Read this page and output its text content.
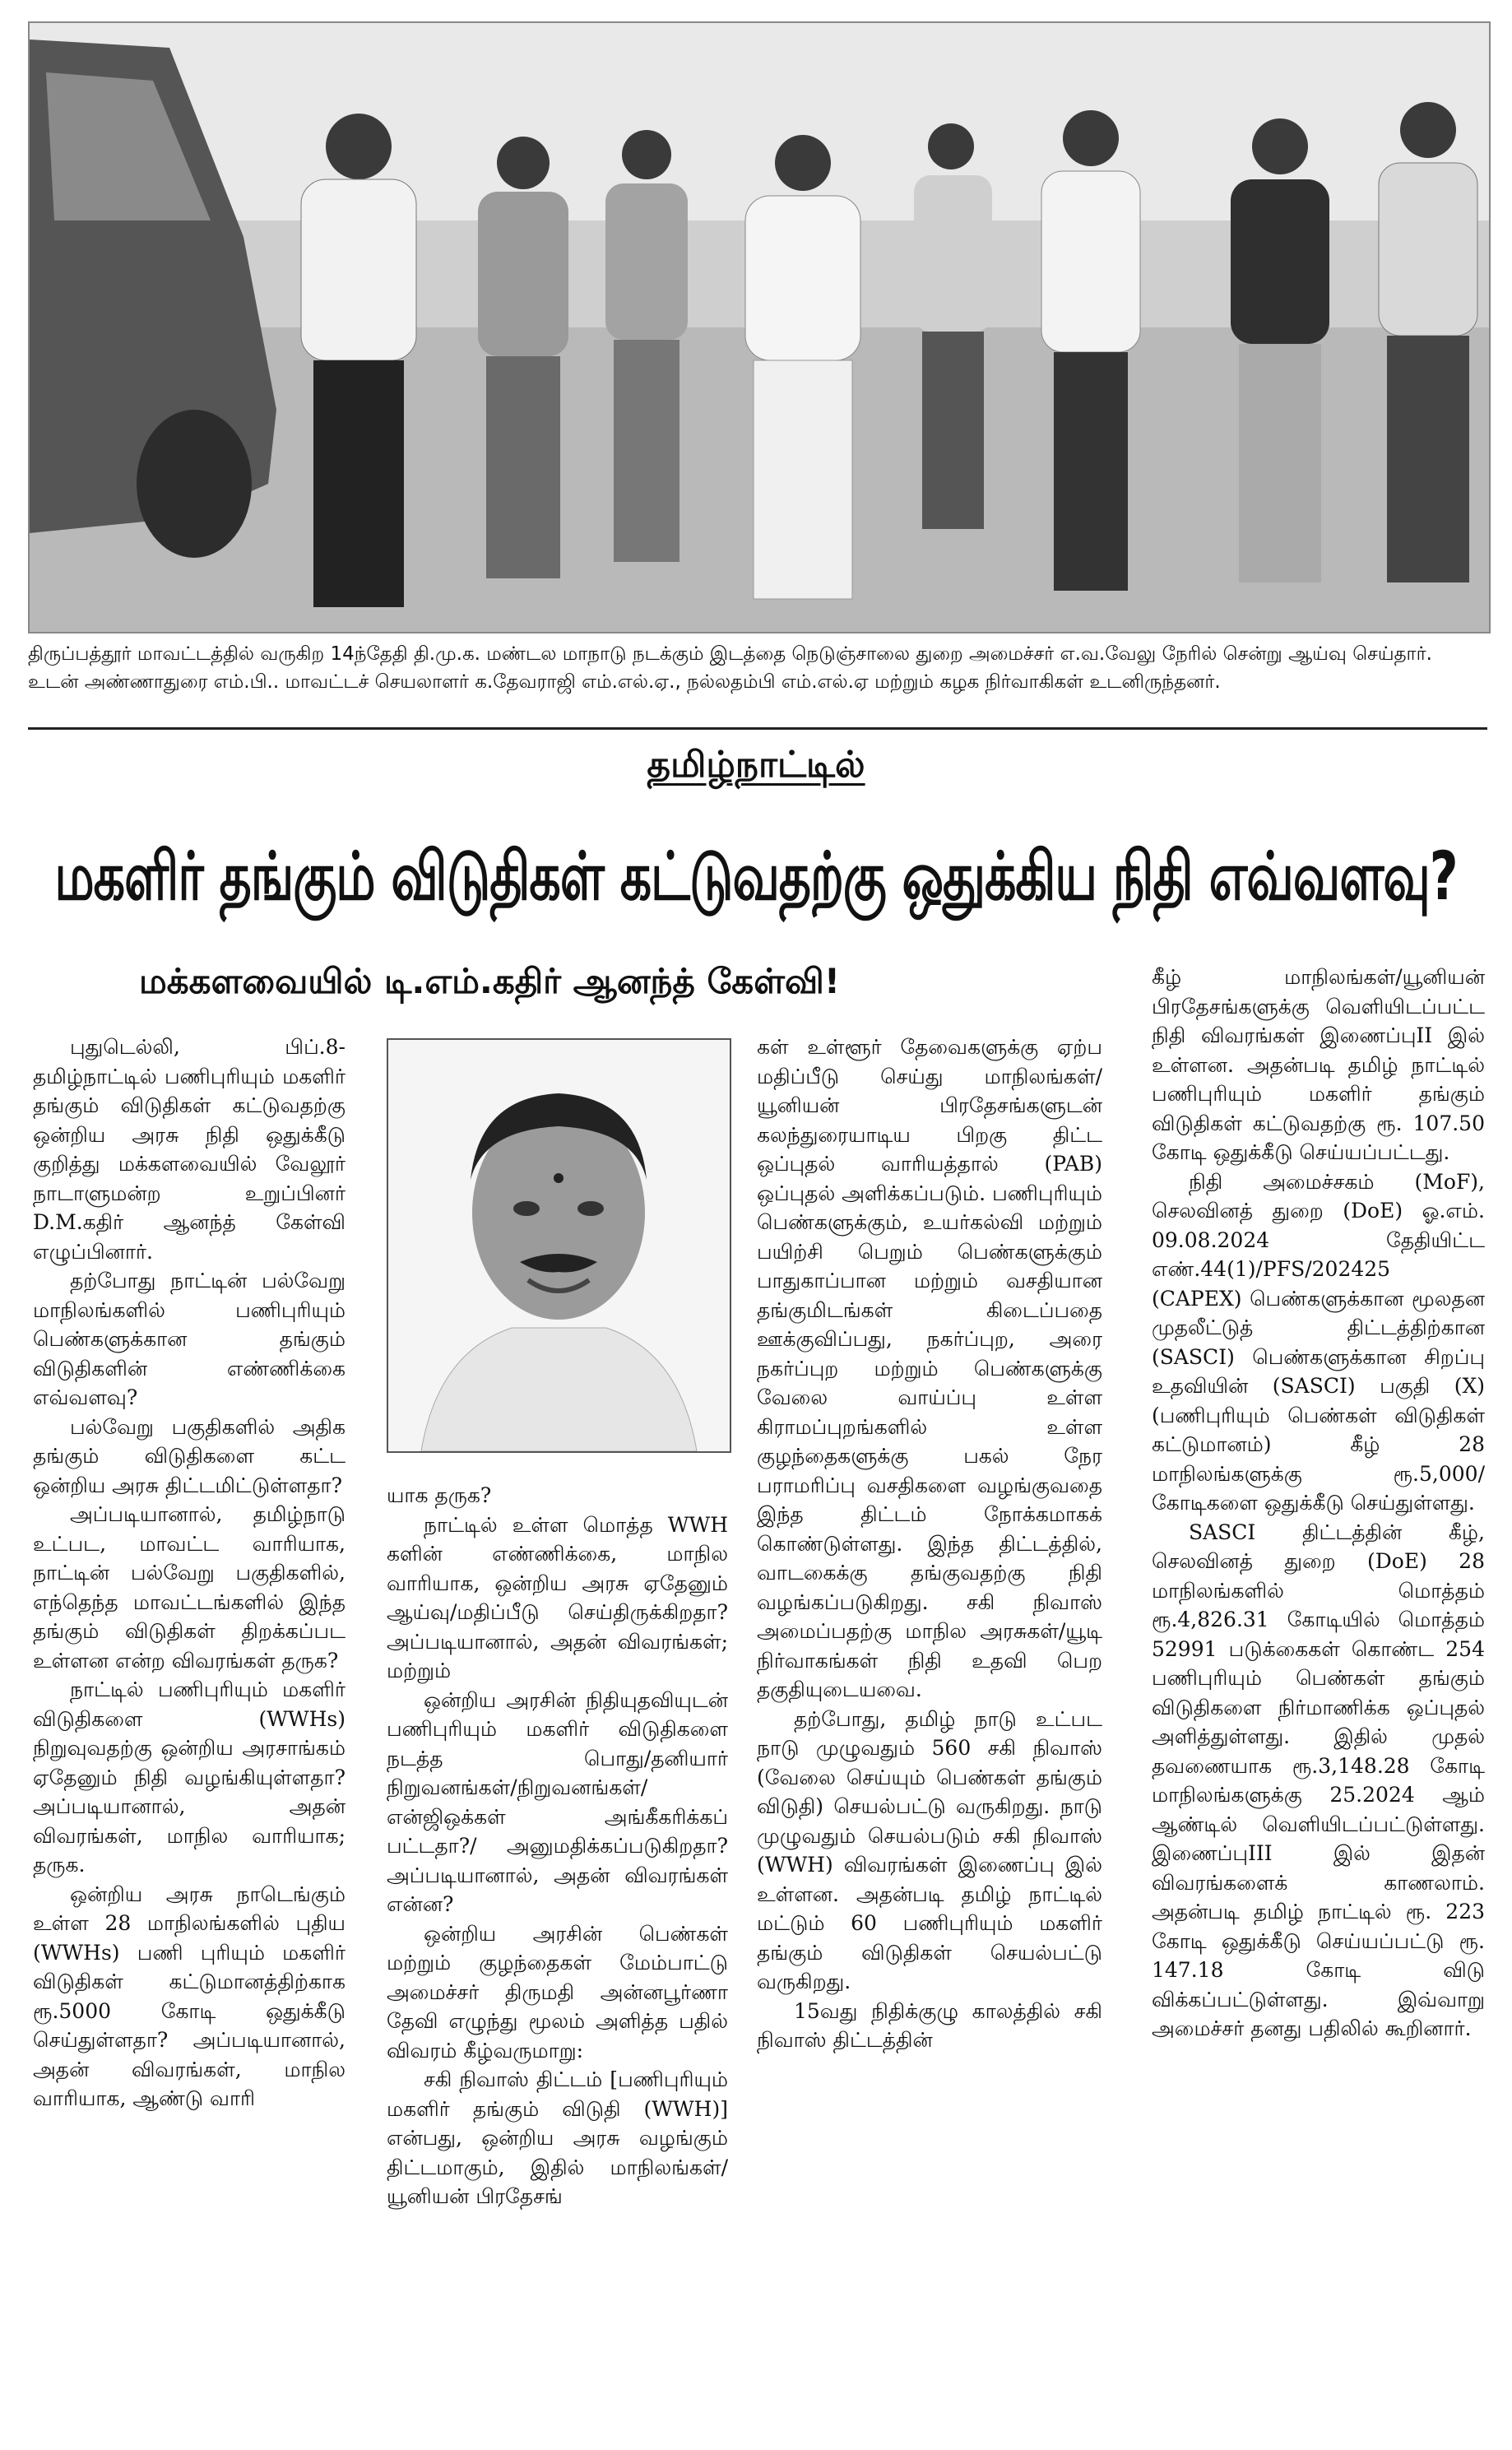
திருப்பத்தூர் மாவட்டத்தில் வருகிற 14ந்தேதி தி.மு.க. மண்டல மாநாடு நடக்கும் இடத்தை நெடுஞ்சாலை துறை அமைச்சர் எ.வ.வேலு நேரில் சென்று ஆய்வு செய்தார். உடன் அண்ணாதுரை எம்.பி.. மாவட்டச் செயலாளர் க.தேவராஜி எம்.எல்.ஏ., நல்லதம்பி எம்.எல்.ஏ மற்றும் கழக நிர்வாகிகள் உடனிருந்தனர்.

தமிழ்நாட்டில்
மகளிர் தங்கும் விடுதிகள் கட்டுவதற்கு ஒதுக்கிய நிதி எவ்வளவு?
மக்களவையில் டி.எம்.கதிர் ஆனந்த் கேள்வி!

புதுடெல்லி, பிப்.8- தமிழ்நாட்டில் பணிபுரியும் மகளிர் தங்கும் விடுதிகள் கட்டுவதற்கு ஒன்றிய அரசு நிதி ஒதுக்கீடு குறித்து மக்களவையில் வேலூர் நாடாளுமன்ற உறுப்பினர் D.M.கதிர் ஆனந்த் கேள்வி எழுப்பினார்.

தற்போது நாட்டின் பல்வேறு மாநிலங்களில் பணிபுரியும் பெண்களுக்கான தங்கும் விடுதிகளின் எண்ணிக்கை எவ்வளவு?

பல்வேறு பகுதிகளில் அதிக தங்கும் விடுதிகளை கட்ட ஒன்றிய அரசு திட்டமிட்டுள்ளதா?

அப்படியானால், தமிழ்நாடு உட்பட, மாவட்ட வாரியாக, நாட்டின் பல்வேறு பகுதிகளில், எந்தெந்த மாவட்டங்களில் இந்த தங்கும் விடுதிகள் திறக்கப்பட உள்ளன என்ற விவரங்கள் தருக?

நாட்டில் பணிபுரியும் மகளிர் விடுதிகளை (WWHs) நிறுவுவதற்கு ஒன்றிய அரசாங்கம் ஏதேனும் நிதி வழங்கியுள்ளதா? அப்படியானால், அதன் விவரங்கள், மாநில வாரியாக; தருக.

ஒன்றிய அரசு நாடெங்கும் உள்ள 28 மாநிலங்களில் புதிய (WWHs) பணி புரியும் மகளிர் விடுதிகள் கட்டுமானத்திற்காக ரூ.5000 கோடி ஒதுக்கீடு செய்துள்ளதா? அப்படியானால், அதன் விவரங்கள், மாநில வாரியாக, ஆண்டு வாரி

யாக தருக?

நாட்டில் உள்ள மொத்த WWH களின் எண்ணிக்கை, மாநில வாரியாக, ஒன்றிய அரசு ஏதேனும் ஆய்வு/மதிப்பீடு செய்திருக்கிறதா? அப்படியானால், அதன் விவரங்கள்; மற்றும்

ஒன்றிய அரசின் நிதியுதவியுடன் பணிபுரியும் மகளிர் விடுதிகளை நடத்த பொது/தனியார் நிறுவனங்கள்/நிறுவனங்கள்/என்ஜிஒக்கள் அங்கீகரிக்கப் பட்டதா?/ அனுமதிக்கப்படுகிறதா? அப்படியானால், அதன் விவரங்கள் என்ன?

ஒன்றிய அரசின் பெண்கள் மற்றும் குழந்தைகள் மேம்பாட்டு அமைச்சர் திருமதி அன்னபூர்ணா தேவி எழுந்து மூலம் அளித்த பதில் விவரம் கீழ்வருமாறு:

சகி நிவாஸ் திட்டம் [பணிபுரியும் மகளிர் தங்கும் விடுதி (WWH)] என்பது, ஒன்றிய அரசு வழங்கும் திட்டமாகும், இதில் மாநிலங்கள்/யூனியன் பிரதேசங்

கள் உள்ளூர் தேவைகளுக்கு ஏற்ப மதிப்பீடு செய்து மாநிலங்கள்/யூனியன் பிரதேசங்களுடன் கலந்துரையாடிய பிறகு திட்ட ஒப்புதல் வாரியத்தால் (PAB) ஒப்புதல் அளிக்கப்படும். பணிபுரியும் பெண்களுக்கும், உயர்கல்வி மற்றும் பயிற்சி பெறும் பெண்களுக்கும் பாதுகாப்பான மற்றும் வசதியான தங்குமிடங்கள் கிடைப்பதை ஊக்குவிப்பது, நகர்ப்புற, அரை நகர்ப்புற மற்றும் பெண்களுக்கு வேலை வாய்ப்பு உள்ள கிராமப்புறங்களில் உள்ள குழந்தைகளுக்கு பகல் நேர பராமரிப்பு வசதிகளை வழங்குவதை இந்த திட்டம் நோக்கமாகக் கொண்டுள்ளது. இந்த திட்டத்தில், வாடகைக்கு தங்குவதற்கு நிதி வழங்கப்படுகிறது. சகி நிவாஸ் அமைப்பதற்கு மாநில அரசுகள்/யூடி நிர்வாகங்கள் நிதி உதவி பெற தகுதியுடையவை.

தற்போது, தமிழ் நாடு உட்பட நாடு முழுவதும் 560 சகி நிவாஸ் (வேலை செய்யும் பெண்கள் தங்கும் விடுதி) செயல்பட்டு வருகிறது. நாடு முழுவதும் செயல்படும் சகி நிவாஸ் (WWH) விவரங்கள் இணைப்பு இல் உள்ளன. அதன்படி தமிழ் நாட்டில் மட்டும் 60 பணிபுரியும் மகளிர் தங்கும் விடுதிகள் செயல்பட்டு வருகிறது.

15வது நிதிக்குழு காலத்தில் சகி நிவாஸ் திட்டத்தின்

கீழ் மாநிலங்கள்/யூனியன் பிரதேசங்களுக்கு வெளியிடப்பட்ட நிதி விவரங்கள் இணைப்புII இல் உள்ளன. அதன்படி தமிழ் நாட்டில் பணிபுரியும் மகளிர் தங்கும் விடுதிகள் கட்டுவதற்கு ரூ. 107.50 கோடி ஒதுக்கீடு செய்யப்பட்டது.

நிதி அமைச்சகம் (MoF), செலவினத் துறை (DoE) ஓ.எம். 09.08.2024 தேதியிட்ட எண்.44(1)/PFS/202425 (CAPEX) பெண்களுக்கான மூலதன முதலீட்டுத் திட்டத்திற்கான (SASCI) பெண்களுக்கான சிறப்பு உதவியின் (SASCI) பகுதி (X) (பணிபுரியும் பெண்கள் விடுதிகள் கட்டுமானம்) கீழ் 28 மாநிலங்களுக்கு ரூ.5,000/ கோடிகளை ஒதுக்கீடு செய்துள்ளது.

SASCI திட்டத்தின் கீழ், செலவினத் துறை (DoE) 28 மாநிலங்களில் மொத்தம் ரூ.4,826.31 கோடியில் மொத்தம் 52991 படுக்கைகள் கொண்ட 254 பணிபுரியும் பெண்கள் தங்கும் விடுதிகளை நிர்மாணிக்க ஒப்புதல் அளித்துள்ளது. இதில் முதல் தவணையாக ரூ.3,148.28 கோடி மாநிலங்களுக்கு 25.2024 ஆம் ஆண்டில் வெளியிடப்பட்டுள்ளது. இணைப்புIII இல் இதன் விவரங்களைக் காணலாம். அதன்படி தமிழ் நாட்டில் ரூ. 223 கோடி ஒதுக்கீடு செய்யப்பட்டு ரூ. 147.18 கோடி விடு விக்கப்பட்டுள்ளது. இவ்வாறு அமைச்சர் தனது பதிலில் கூறினார்.
